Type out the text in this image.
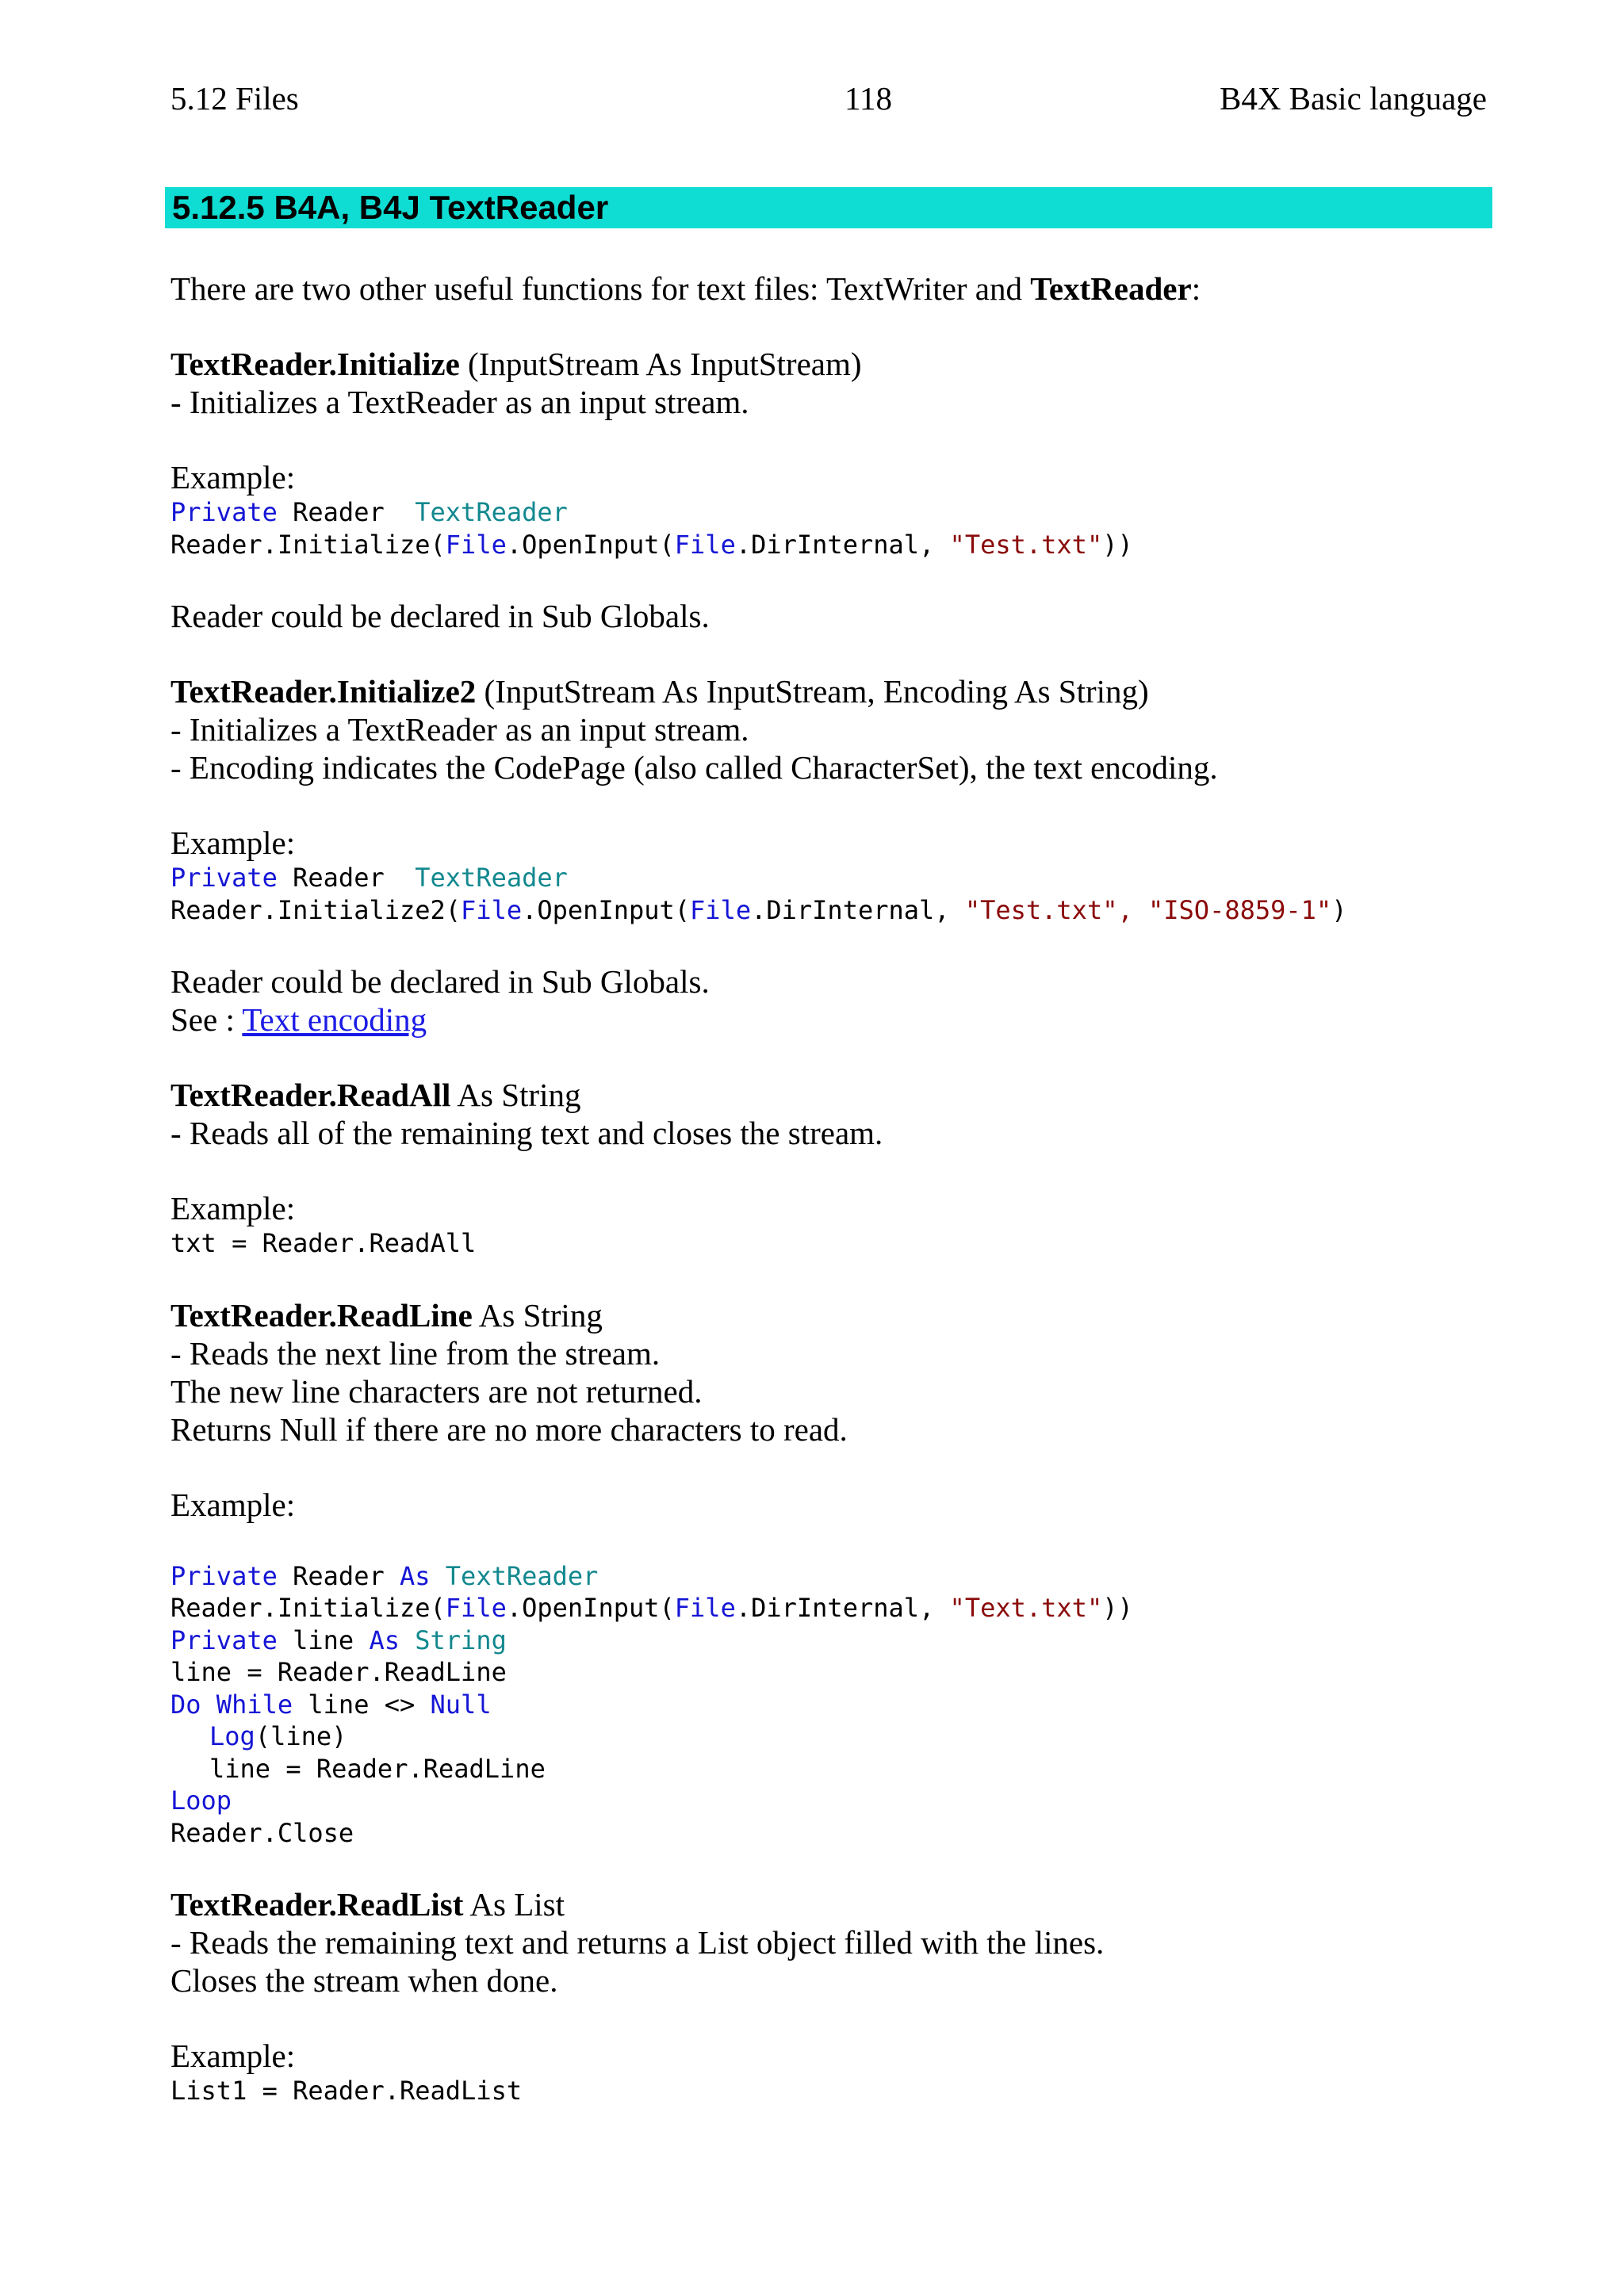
5.12 Files	118	B4X Basic language
5.12.5 B4A, B4J TextReader
There are two other useful functions for text files: TextWriter and TextReader:
TextReader.Initialize (InputStream As InputStream)
- Initializes a TextReader as an input stream.
Example:
Private Reader  TextReader
Reader.Initialize(File.OpenInput(File.DirInternal, "Test.txt"))
Reader could be declared in Sub Globals.
TextReader.Initialize2 (InputStream As InputStream, Encoding As String)
- Initializes a TextReader as an input stream.
- Encoding indicates the CodePage (also called CharacterSet), the text encoding.
Example:
Private Reader  TextReader
Reader.Initialize2(File.OpenInput(File.DirInternal, "Test.txt", "ISO-8859-1")
Reader could be declared in Sub Globals.
See : Text encoding
TextReader.ReadAll As String
- Reads all of the remaining text and closes the stream.
Example:
txt = Reader.ReadAll
TextReader.ReadLine As String
- Reads the next line from the stream.
The new line characters are not returned.
Returns Null if there are no more characters to read.
Example:
Private Reader As TextReader
Reader.Initialize(File.OpenInput(File.DirInternal, "Text.txt"))
Private line As String
line = Reader.ReadLine
Do While line <> Null
Log(line)
line = Reader.ReadLine
Loop
Reader.Close
TextReader.ReadList As List
- Reads the remaining text and returns a List object filled with the lines.
Closes the stream when done.
Example:
List1 = Reader.ReadList
